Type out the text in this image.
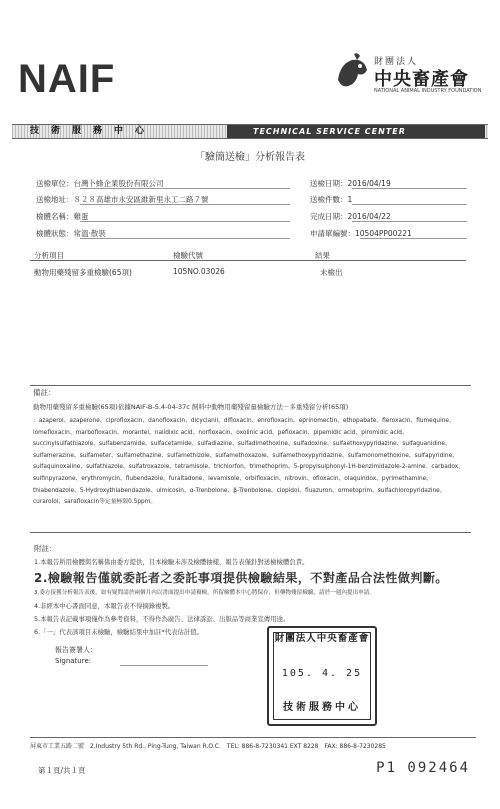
NAIF	財團法人
中央畜產會
NATIONAL ANIMAL INDUSTRY FOUNDATION
技術服務中心	TECHNICAL SERVICE CENTER
「驗簡送檢」分析報告表
送檢單位：台灣卜蜂企業股份有限公司
送檢地址：８２８高雄市永安區維新里永工二路７號
檢體名稱：雞蛋
檢體狀態：常溫·散裝
送檢日期：2016/04/19
送檢件數：1
完成日期：2016/04/22
申請單編號：10504PP00221
分析項目	檢驗代號	結果
動物用藥殘留多重檢驗(65項)	105NO.03026	未檢出
備註：
動物用藥殘留多重檢驗(65項)依據NAIF-B-5.4-04-37c 飼料中動物用藥殘留量檢驗方法－多重殘留分析(65項)
：azaperol、azaperone、ciprofloxacin、danofloxacin、dicyclanil、difloxacin、enrofloxacin、eprinomectin、ethopabate、fleroxacin、flumequine、lomefloxacin、marbofloxacin、morantel、nalidixic acid、norfloxacin、oxolinic acid、pefloxacin、pipemidic acid、piromidic acid、succinylsulfathiazole、sulfabenzamide、sulfacetamide、sulfadiazine、sulfadimethoxine、sulfadoxine、sulfaethoxypyridazine、sulfaguanidine、sulfamerazine、sulfameter、sulfamethazine、sulfamethizole、sulfamethoxazole、sulfamethoxypyridazine、sulfamonomethoxine、sulfapyridine、sulfaquinoxaline、sulfathiazole、sulfatroxazole、tetramisole、trichlorfon、trimethoprim、5-propylsulphonyl-1H-benzimidazole-2-amine、carbadox、sulfinpyrazone、erythromycin、flubendazole、furaltadone、levamisole、orbifloxacin、nitrovin、ofloxacin、olaquindox、pyrimethamine、thiabendazole、5-Hydroxythiabendazole、ulmicosin、α-Trenbolone、β-Trenbolone、clopidol、fluazuron、ormetoprim、sulfachloropyridazine、curarolol、sarafloxacin等定量極限0.5ppm。
附註：
1.本報告所用檢體與名稱係由委方提供，且本檢驗未涉及檢體抽樣，報告表僅針對送檢檢體負責。
2.檢驗報告僅就委託者之委託事項提供檢驗結果，不對產品合法性做判斷。
3.委方接獲分析報告表後，如有疑問請於兩個月內以書面提出申請複檢，所留檢體本中心將保存，但藥物殘留檢驗，請於一週內提出申請。
4.非經本中心書面同意，本報告表不得摘錄複製。
5.本報告表記載事項僅作為參考資料，不得作為廣告、法律訴訟、出版品等商業宣傳用途。
6.「一」代表該項目未檢驗，檢驗結果中加註*代表估計值。
報告簽署人：
Signature:
財團法人中央畜產會
105. 4. 25
技術服務中心
屏東市工業五路二號　2,Industry 5th Rd., Ping-Tung, Taiwan R.O.C.　TEL: 886-8-7230341 EXT 8228　FAX: 886-8-7230285
第１頁/共１頁	P1 092464
